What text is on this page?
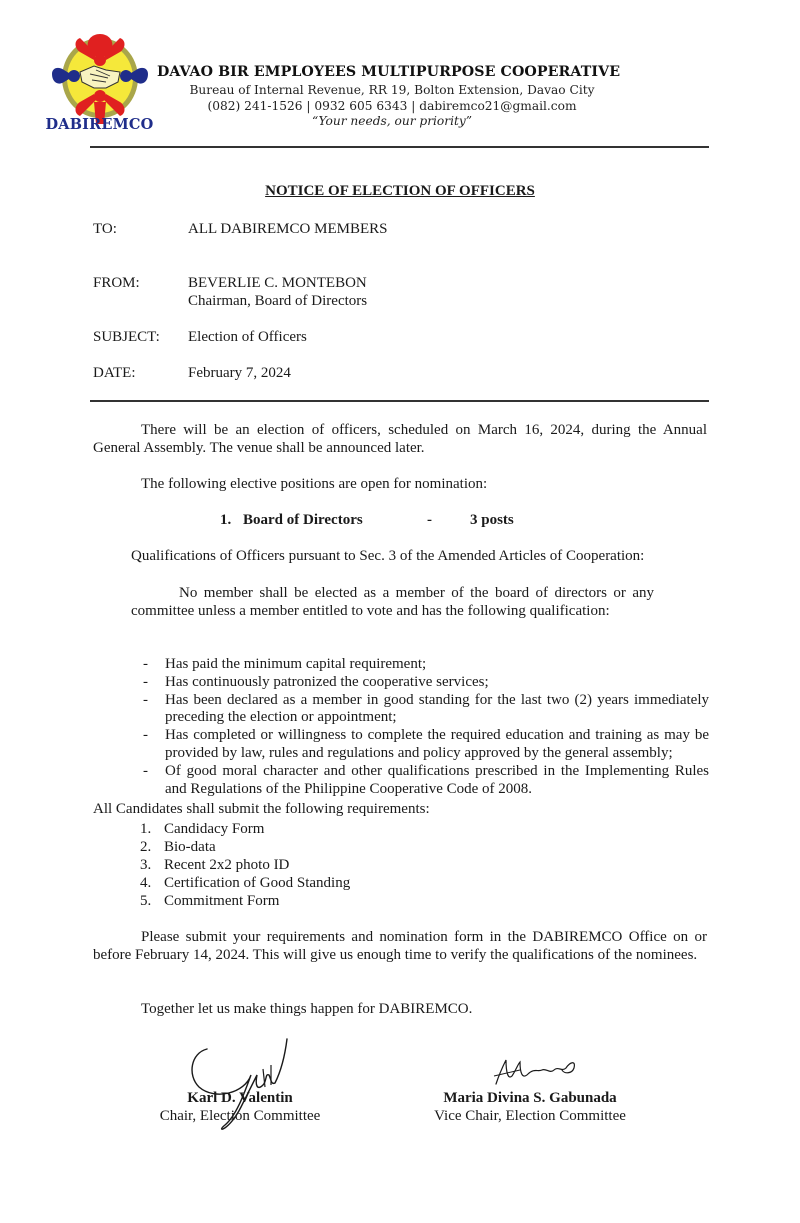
DABIREMCO
DAVAO BIR EMPLOYEES MULTIPURPOSE COOPERATIVE
Bureau of Internal Revenue, RR 19, Bolton Extension, Davao City
(082) 241-1526 | 0932 605 6343 | dabiremco21@gmail.com
“Your needs, our priority”
NOTICE OF ELECTION OF OFFICERS
TO:	ALL DABIREMCO MEMBERS
FROM:	BEVERLIE C. MONTEBON
Chairman, Board of Directors
SUBJECT: Election of Officers
DATE:	February 7, 2024
There will be an election of officers, scheduled on March 16, 2024, during the Annual General Assembly. The venue shall be announced later.
The following elective positions are open for nomination:
1. Board of Directors	-	3 posts
Qualifications of Officers pursuant to Sec. 3 of the Amended Articles of Cooperation:
No member shall be elected as a member of the board of directors or any committee unless a member entitled to vote and has the following qualification:
- Has paid the minimum capital requirement;
- Has continuously patronized the cooperative services;
- Has been declared as a member in good standing for the last two (2) years immediately preceding the election or appointment;
- Has completed or willingness to complete the required education and training as may be provided by law, rules and regulations and policy approved by the general assembly;
- Of good moral character and other qualifications prescribed in the Implementing Rules and Regulations of the Philippine Cooperative Code of 2008.
All Candidates shall submit the following requirements:
1. Candidacy Form
2. Bio-data
3. Recent 2x2 photo ID
4. Certification of Good Standing
5. Commitment Form
Please submit your requirements and nomination form in the DABIREMCO Office on or before February 14, 2024. This will give us enough time to verify the qualifications of the nominees.
Together let us make things happen for DABIREMCO.
Karl D. Valentin
Chair, Election Committee
Maria Divina S. Gabunada
Vice Chair, Election Committee
